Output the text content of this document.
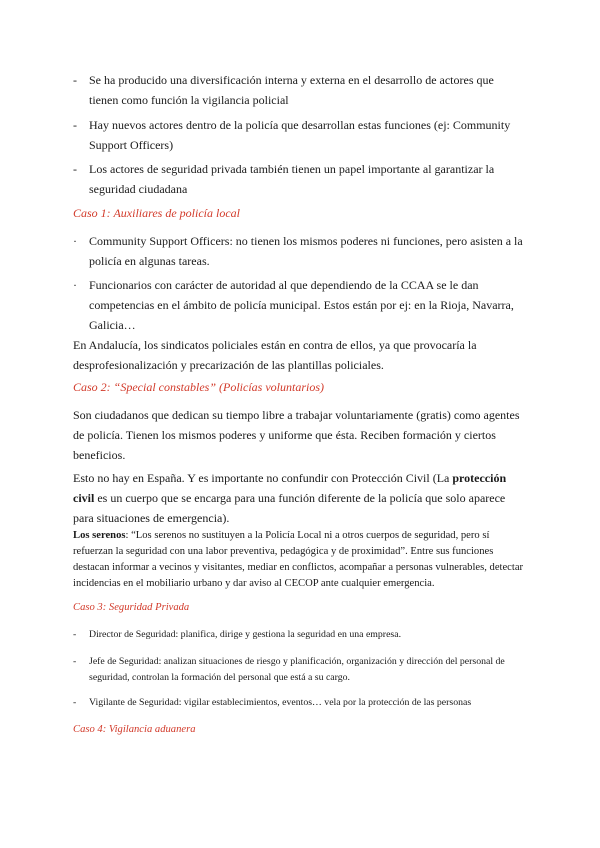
- Se ha producido una diversificación interna y externa en el desarrollo de actores que tienen como función la vigilancia policial
- Hay nuevos actores dentro de la policía que desarrollan estas funciones (ej: Community Support Officers)
- Los actores de seguridad privada también tienen un papel importante al garantizar la seguridad ciudadana
Caso 1: Auxiliares de policía local
· Community Support Officers: no tienen los mismos poderes ni funciones, pero asisten a la policía en algunas tareas.
· Funcionarios con carácter de autoridad al que dependiendo de la CCAA se le dan competencias en el ámbito de policía municipal. Estos están por ej: en la Rioja, Navarra, Galicia…

En Andalucía, los sindicatos policiales están en contra de ellos, ya que provocaría la desprofesionalización y precarización de las plantillas policiales.

Caso 2: “Special constables” (Policías voluntarios)

Son ciudadanos que dedican su tiempo libre a trabajar voluntariamente (gratis) como agentes de policía. Tienen los mismos poderes y uniforme que ésta. Reciben formación y ciertos beneficios.

Esto no hay en España. Y es importante no confundir con Protección Civil (La protección civil es un cuerpo que se encarga para una función diferente de la policía que solo aparece para situaciones de emergencia).

Los serenos: “Los serenos no sustituyen a la Policía Local ni a otros cuerpos de seguridad, pero sí refuerzan la seguridad con una labor preventiva, pedagógica y de proximidad”. Entre sus funciones destacan informar a vecinos y visitantes, mediar en conflictos, acompañar a personas vulnerables, detectar incidencias en el mobiliario urbano y dar aviso al CECOP ante cualquier emergencia.

Caso 3: Seguridad Privada
- Director de Seguridad: planifica, dirige y gestiona la seguridad en una empresa.
- Jefe de Seguridad: analizan situaciones de riesgo y planificación, organización y dirección del personal de seguridad, controlan la formación del personal que está a su cargo.
- Vigilante de Seguridad: vigilar establecimientos, eventos… vela por la protección de las personas
Caso 4: Vigilancia aduanera
